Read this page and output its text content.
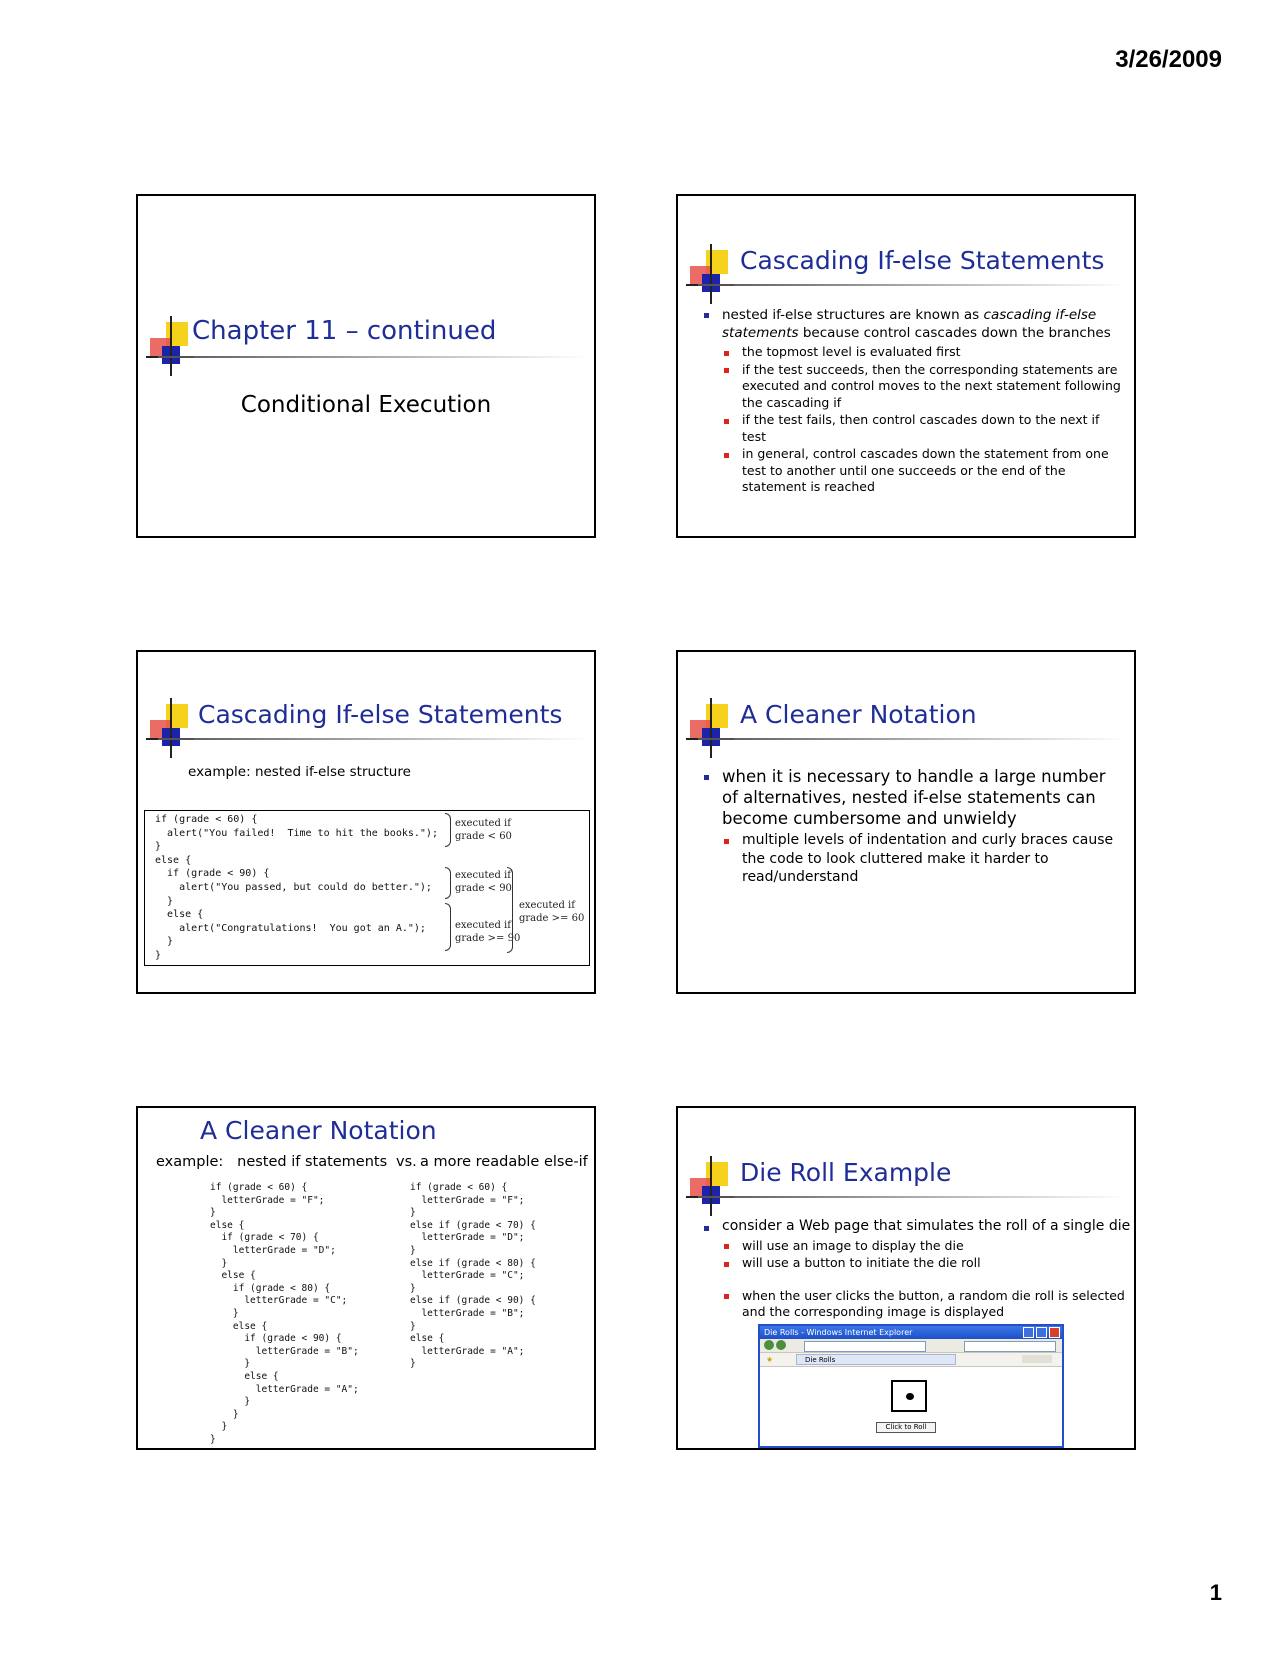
3/26/2009
Chapter 11 – continued
Conditional Execution
Cascading If-else Statements
nested if-else structures are known as cascading if-else statements because control cascades down the branches
the topmost level is evaluated first
if the test succeeds, then the corresponding statements are executed and control moves to the next statement following the cascading if
if the test fails, then control cascades down to the next if test
in general, control cascades down the statement from one test to another until one succeeds or the end of the statement is reached
Cascading If-else Statements
example: nested if-else structure
if (grade < 60) {
alert("You failed!  Time to hit the books.");
}
else {
if (grade < 90) {
alert("You passed, but could do better.");
}
else {
alert("Congratulations!  You got an A.");
}
}
executed if
grade < 60
executed if
grade < 90
executed if
grade >= 90
executed if
grade >= 60
A Cleaner Notation
when it is necessary to handle a large number of alternatives, nested if-else statements can become cumbersome and unwieldy
multiple levels of indentation and curly braces cause the code to look cluttered make it harder to read/understand
A Cleaner Notation
example:   nested if statements vs. a more readable else-if
if (grade < 60) {
letterGrade = "F";
}
else {
if (grade < 70) {
letterGrade = "D";
}
else {
if (grade < 80) {
letterGrade = "C";
}
else {
if (grade < 90) {
letterGrade = "B";
}
else {
letterGrade = "A";
}
}
}
}
if (grade < 60) {
letterGrade = "F";
}
else if (grade < 70) {
letterGrade = "D";
}
else if (grade < 80) {
letterGrade = "C";
}
else if (grade < 90) {
letterGrade = "B";
}
else {
letterGrade = "A";
}
Die Roll Example
consider a Web page that simulates the roll of a single die
will use an image to display the die
will use a button to initiate the die roll
when the user clicks the button, a random die roll is selected and the corresponding image is displayed
Die Rolls - Windows Internet Explorer
★	Die Rolls
Click to Roll
1
